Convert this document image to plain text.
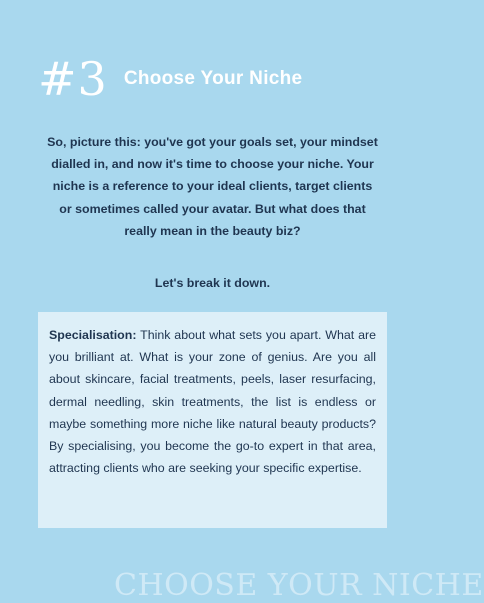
#3 Choose Your Niche

So, picture this: you've got your goals set, your mindset dialled in, and now it's time to choose your niche. Your niche is a reference to your ideal clients, target clients or sometimes called your avatar. But what does that really mean in the beauty biz?

Let's break it down.

Specialisation: Think about what sets you apart. What are you brilliant at. What is your zone of genius. Are you all about skincare, facial treatments, peels, laser resurfacing, dermal needling, skin treatments, the list is endless or maybe something more niche like natural beauty products? By specialising, you become the go-to expert in that area, attracting clients who are seeking your specific expertise.

CHOOSE YOUR NICHE
